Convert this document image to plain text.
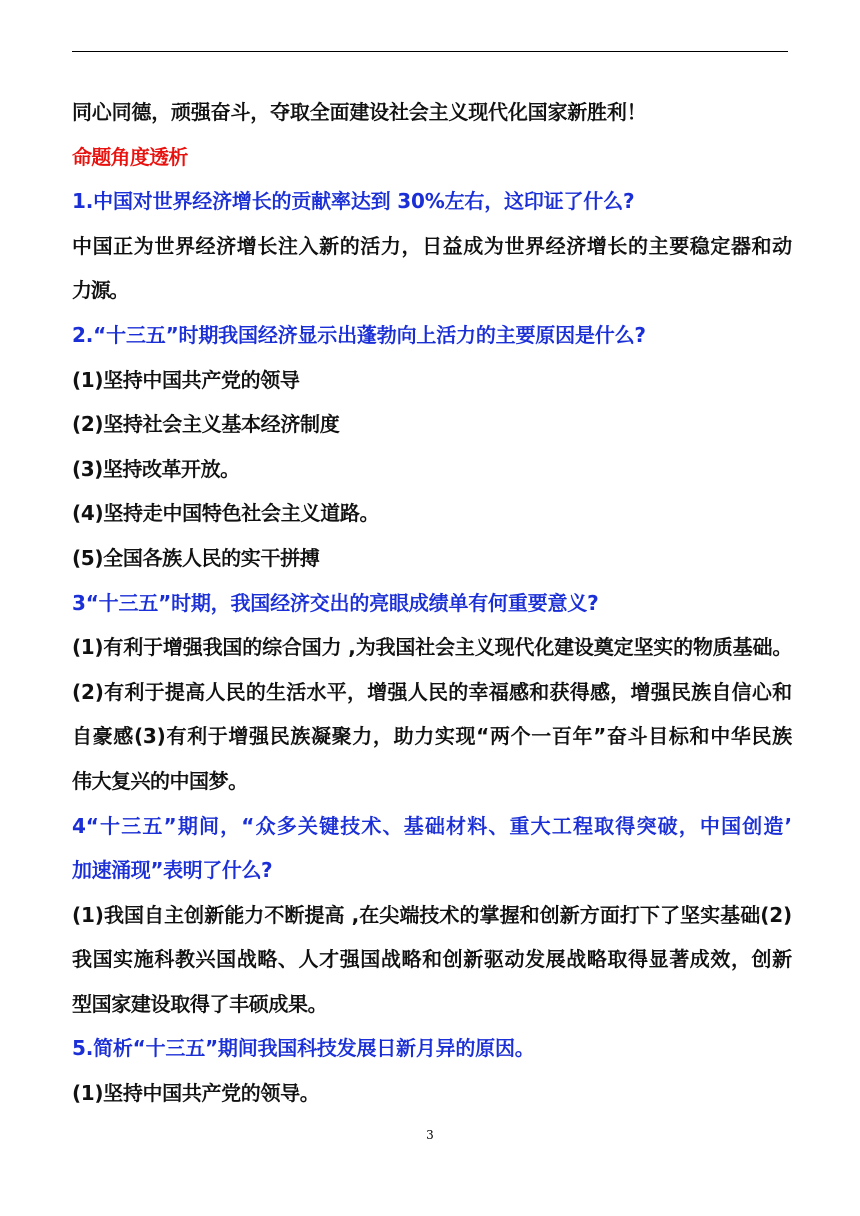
同心同德，顽强奋斗，夺取全面建设社会主义现代化国家新胜利！
命题角度透析
1.中国对世界经济增长的贡献率达到 30%左右，这印证了什么?
中国正为世界经济增长注入新的活力，日益成为世界经济增长的主要稳定器和动
力源。
2.“十三五”时期我国经济显示出蓬勃向上活力的主要原因是什么?
(1)坚持中国共产党的领导
(2)坚持社会主义基本经济制度
(3)坚持改革开放。
(4)坚持走中国特色社会主义道路。
(5)全国各族人民的实干拼搏
3“十三五”时期，我国经济交出的亮眼成绩单有何重要意义?
(1)有利于增强我国的综合国力 ,为我国社会主义现代化建设奠定坚实的物质基础。
(2)有利于提高人民的生活水平，增强人民的幸福感和获得感，增强民族自信心和
自豪感(3)有利于增强民族凝聚力，助力实现“两个一百年”奋斗目标和中华民族
伟大复兴的中国梦。
4“十三五”期间，“众多关键技术、基础材料、重大工程取得突破，中国创造’
加速涌现”表明了什么?
(1)我国自主创新能力不断提高 ,在尖端技术的掌握和创新方面打下了坚实基础(2)
我国实施科教兴国战略、人才强国战略和创新驱动发展战略取得显著成效，创新
型国家建设取得了丰硕成果。
5.简析“十三五”期间我国科技发展日新月异的原因。
(1)坚持中国共产党的领导。
3
